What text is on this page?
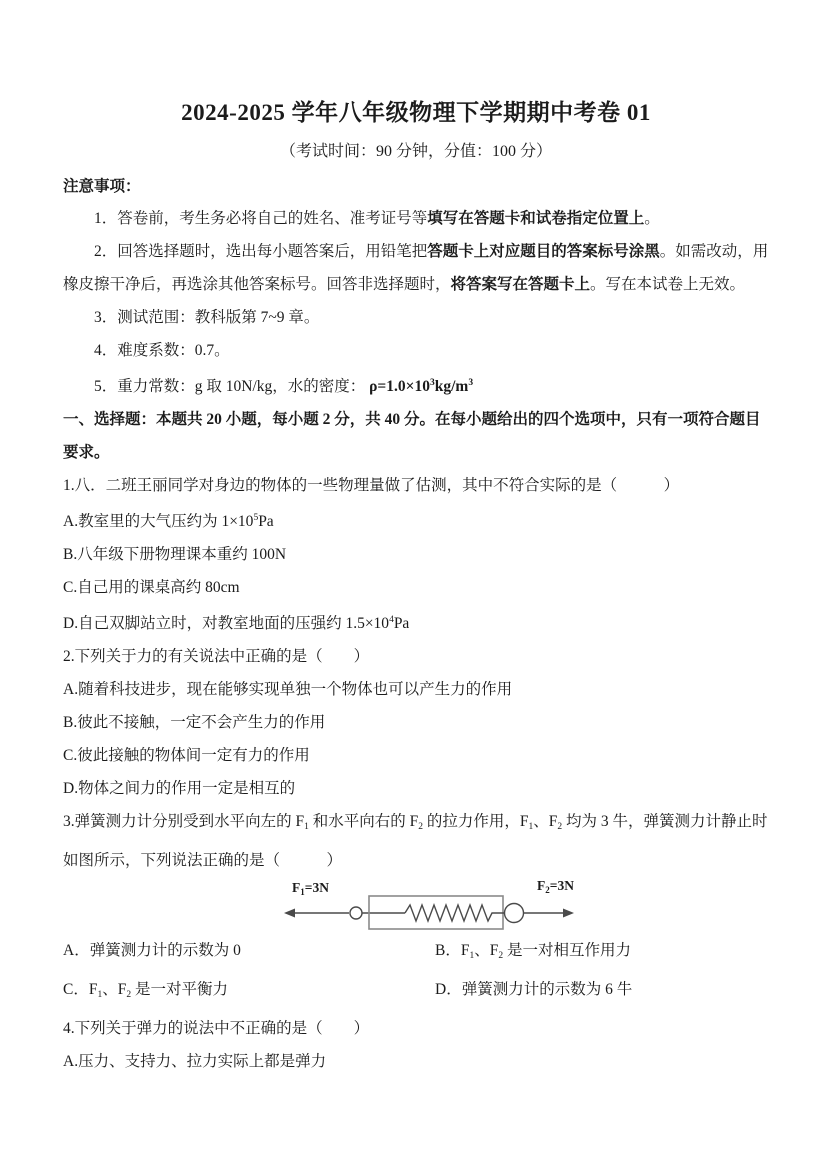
2024-2025 学年八年级物理下学期期中考卷 01
（考试时间：90 分钟，分值：100 分）
注意事项：

1．答卷前，考生务必将自己的姓名、准考证号等填写在答题卡和试卷指定位置上。

2．回答选择题时，选出每小题答案后，用铅笔把答题卡上对应题目的答案标号涂黑。如需改动，用橡皮擦干净后，再选涂其他答案标号。回答非选择题时，将答案写在答题卡上。写在本试卷上无效。

3．测试范围：教科版第 7~9 章。

4．难度系数：0.7。

5．重力常数：g 取 10N/kg，水的密度： $\rho=1.0\times 10^3kg/m^3$

一、选择题：本题共 20 小题，每小题 2 分，共 40 分。在每小题给出的四个选项中，只有一项符合题目要求。

1.八．二班王丽同学对身边的物体的一些物理量做了估测，其中不符合实际的是（　　　）

A.教室里的大气压约为 $1\times 10^5Pa$

B.八年级下册物理课本重约 100N

C.自己用的课桌高约 80cm

D.自己双脚站立时，对教室地面的压强约 $1.5\times 10^4Pa$

2.下列关于力的有关说法中正确的是（　　）

A.随着科技进步，现在能够实现单独一个物体也可以产生力的作用

B.彼此不接触，一定不会产生力的作用

C.彼此接触的物体间一定有力的作用

D.物体之间力的作用一定是相互的

3.弹簧测力计分别受到水平向左的 $F_1$ 和水平向右的 $F_2$ 的拉力作用，$F_1$、$F_2$ 均为 3 牛，弹簧测力计静止时如图所示，下列说法正确的是（　　　）

$F_1=3N$	$F_2=3N$

A．弹簧测力计的示数为 0	B．$F_1$、$F_2$ 是一对相互作用力

C．$F_1$、$F_2$ 是一对平衡力	D．弹簧测力计的示数为 6 牛

4.下列关于弹力的说法中不正确的是（　　）

A.压力、支持力、拉力实际上都是弹力
